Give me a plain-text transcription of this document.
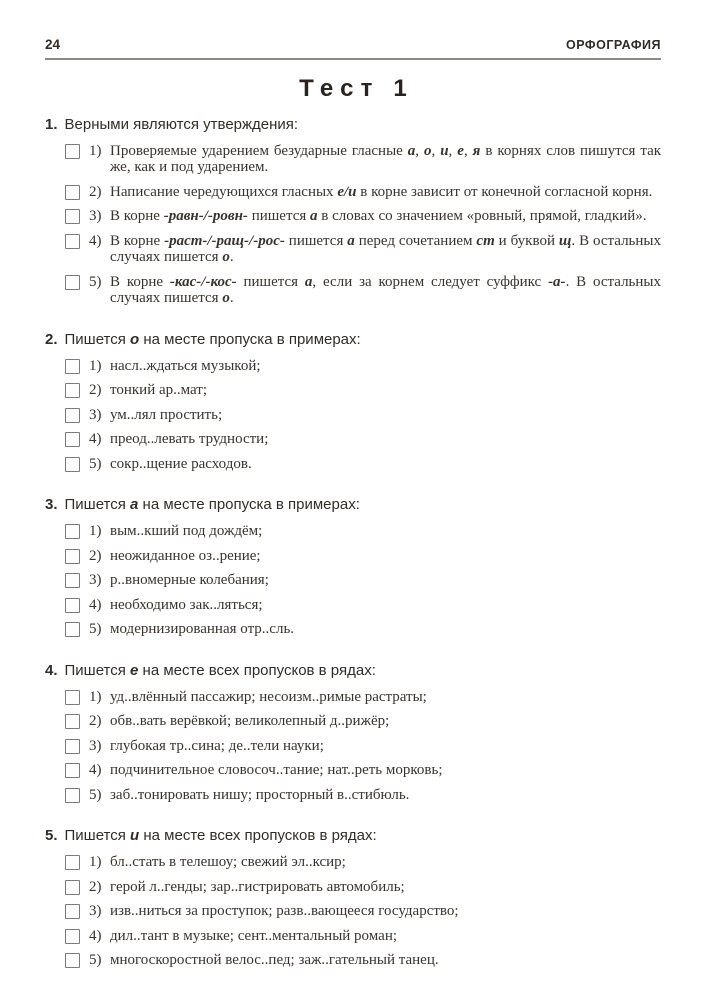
24	ОРФОГРАФИЯ
Тест 1
1. Верными являются утверждения:
1) Проверяемые ударением безударные гласные а, о, и, е, я в корнях слов пишутся так же, как и под ударением.
2) Написание чередующихся гласных е/и в корне зависит от конечной согласной корня.
3) В корне -равн-/-ровн- пишется а в словах со значением «ровный, прямой, гладкий».
4) В корне -раст-/-ращ-/-рос- пишется а перед сочетанием ст и буквой щ. В остальных случаях пишется о.
5) В корне -кас-/-кос- пишется а, если за корнем следует суффикс -а-. В остальных случаях пишется о.
2. Пишется о на месте пропуска в примерах:
1) насл..ждаться музыкой;
2) тонкий ар..мат;
3) ум..лял простить;
4) преод..левать трудности;
5) сокр..щение расходов.
3. Пишется а на месте пропуска в примерах:
1) вым..кший под дождём;
2) неожиданное оз..рение;
3) р..вномерные колебания;
4) необходимо зак..ляться;
5) модернизированная отр..сль.
4. Пишется е на месте всех пропусков в рядах:
1) уд..влённый пассажир; несоизм..римые растраты;
2) обв..вать верёвкой; великолепный д..рижёр;
3) глубокая тр..сина; де..тели науки;
4) подчинительное словосоч..тание; нат..реть морковь;
5) заб..тонировать нишу; просторный в..стибюль.
5. Пишется и на месте всех пропусков в рядах:
1) бл..стать в телешоу; свежий эл..ксир;
2) герой л..генды; зар..гистрировать автомобиль;
3) изв..ниться за проступок; разв..вающееся государство;
4) дил..тант в музыке; сент..ментальный роман;
5) многоскоростной велос..пед; заж..гательный танец.
